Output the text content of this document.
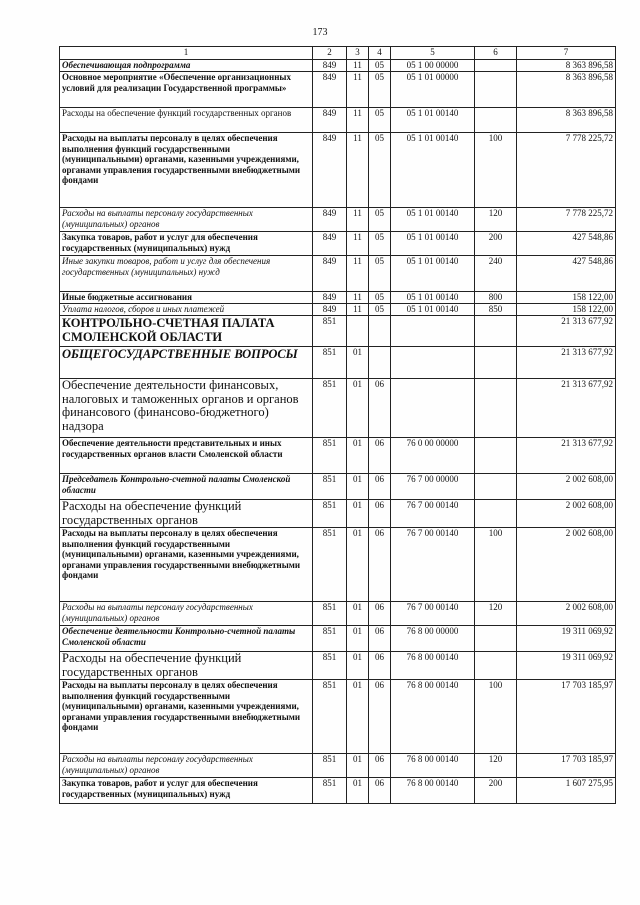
173
1	2	3	4	5	6	7
Обеспечивающая подпрограмма	849	11	05	05 1 00 00000		8 363 896,58
Основное мероприятие «Обеспечение организационных условий для реализации Государственной программы»	849	11	05	05 1 01 00000		8 363 896,58
Расходы на обеспечение функций государственных органов	849	11	05	05 1 01 00140		8 363 896,58
Расходы на выплаты персоналу в целях обеспечения выполнения функций государственными (муниципальными) органами, казенными учреждениями, органами управления государственными внебюджетными фондами	849	11	05	05 1 01 00140	100	7 778 225,72
Расходы на выплаты персоналу государственных (муниципальных) органов	849	11	05	05 1 01 00140	120	7 778 225,72
Закупка товаров, работ и услуг для обеспечения государственных (муниципальных) нужд	849	11	05	05 1 01 00140	200	427 548,86
Иные закупки товаров, работ и услуг для обеспечения государственных (муниципальных) нужд	849	11	05	05 1 01 00140	240	427 548,86
Иные бюджетные ассигнования	849	11	05	05 1 01 00140	800	158 122,00
Уплата налогов, сборов и иных платежей	849	11	05	05 1 01 00140	850	158 122,00
КОНТРОЛЬНО-СЧЕТНАЯ ПАЛАТА СМОЛЕНСКОЙ ОБЛАСТИ	851					21 313 677,92
ОБЩЕГОСУДАРСТВЕННЫЕ ВОПРОСЫ	851	01				21 313 677,92
Обеспечение деятельности финансовых, налоговых и таможенных органов и органов финансового (финансово-бюджетного) надзора	851	01	06			21 313 677,92
Обеспечение деятельности представительных и иных государственных органов власти Смоленской области	851	01	06	76 0 00 00000		21 313 677,92
Председатель Контрольно-счетной палаты Смоленской области	851	01	06	76 7 00 00000		2 002 608,00
Расходы на обеспечение функций государственных органов	851	01	06	76 7 00 00140		2 002 608,00
Расходы на выплаты персоналу в целях обеспечения выполнения функций государственными (муниципальными) органами, казенными учреждениями, органами управления государственными внебюджетными фондами	851	01	06	76 7 00 00140	100	2 002 608,00
Расходы на выплаты персоналу государственных (муниципальных) органов	851	01	06	76 7 00 00140	120	2 002 608,00
Обеспечение деятельности Контрольно-счетной палаты Смоленской области	851	01	06	76 8 00 00000		19 311 069,92
Расходы на обеспечение функций государственных органов	851	01	06	76 8 00 00140		19 311 069,92
Расходы на выплаты персоналу в целях обеспечения выполнения функций государственными (муниципальными) органами, казенными учреждениями, органами управления государственными внебюджетными фондами	851	01	06	76 8 00 00140	100	17 703 185,97
Расходы на выплаты персоналу государственных (муниципальных) органов	851	01	06	76 8 00 00140	120	17 703 185,97
Закупка товаров, работ и услуг для обеспечения государственных (муниципальных) нужд	851	01	06	76 8 00 00140	200	1 607 275,95
